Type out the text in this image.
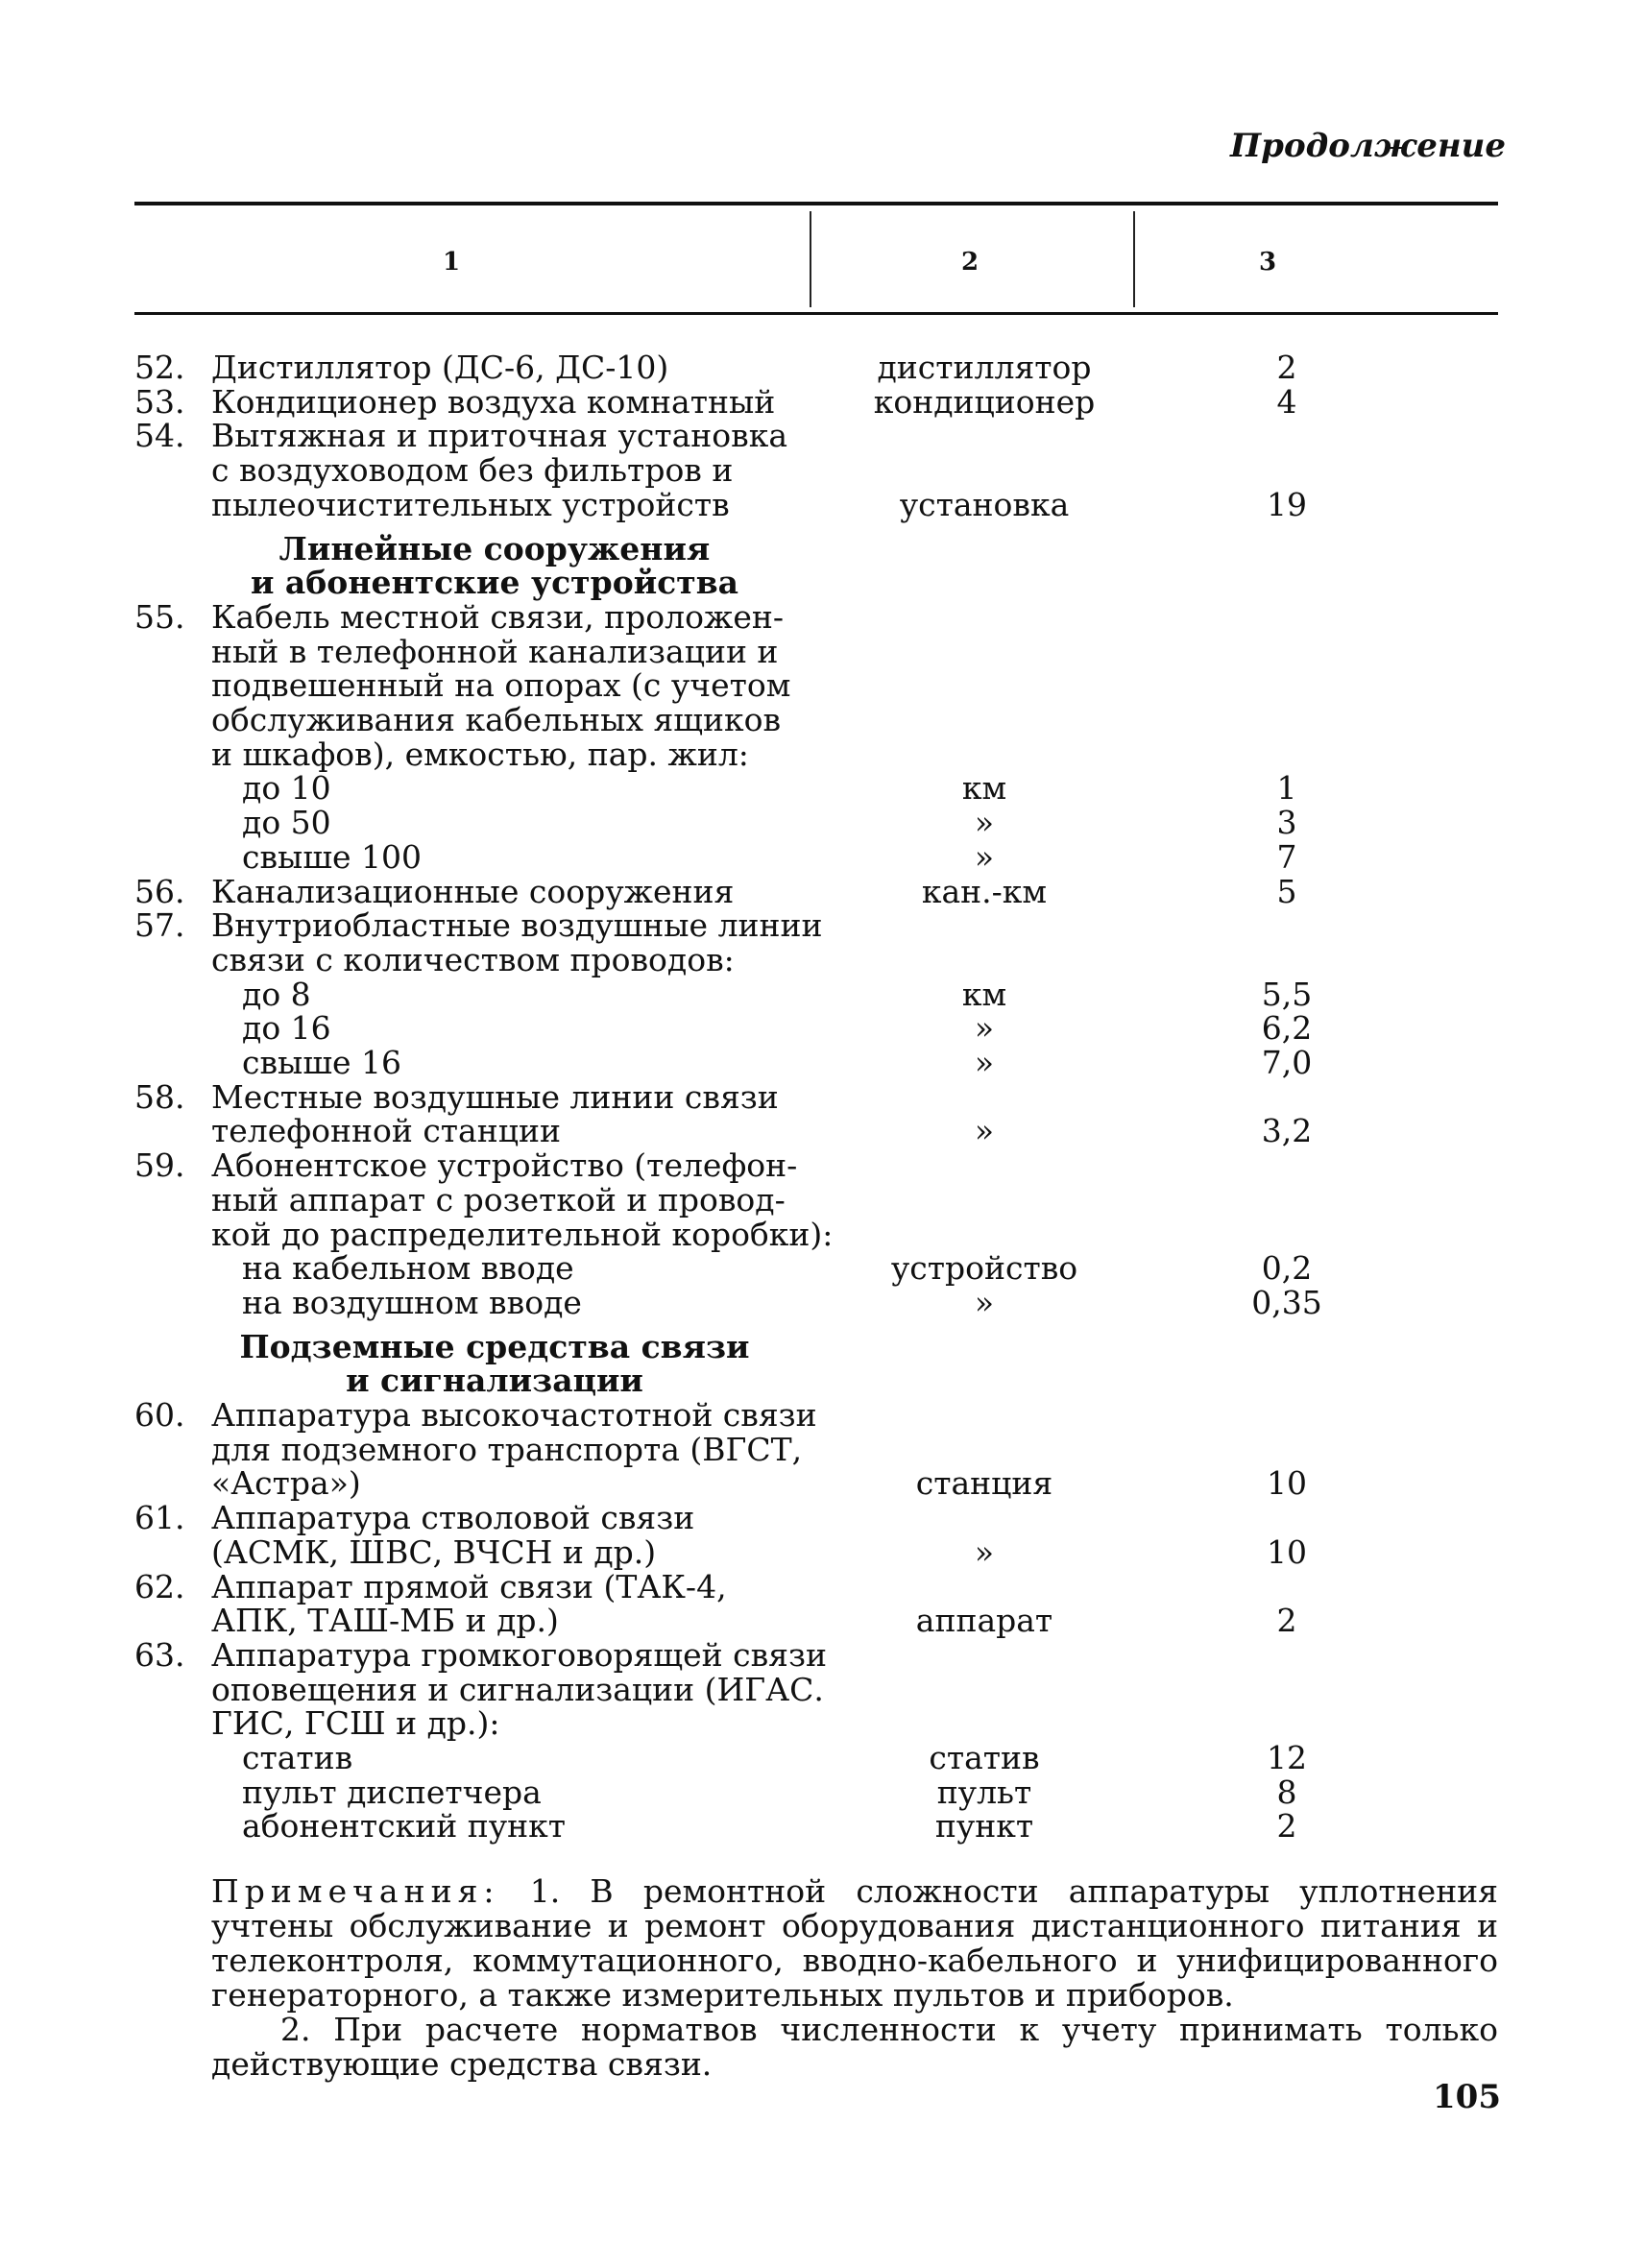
Продолжение
1	2	3
52. Дистиллятор (ДС-6, ДС-10)	дистиллятор	2
53. Кондиционер воздуха комнатный	кондиционер	4
54. Вытяжная и приточная установка
с воздуховодом без фильтров и
пылеочистительных устройств	установка	19
Линейные сооружения
и абонентские устройства
55. Кабель местной связи, проложен-
ный в телефонной канализации и
подвешенный на опорах (с учетом
обслуживания кабельных ящиков
и шкафов), емкостью, пар. жил:
до 10	км	1
до 50	»	3
свыше 100	»	7
56. Канализационные сооружения	кан.-км	5
57. Внутриобластные воздушные линии
связи с количеством проводов:
до 8	км	5,5
до 16	»	6,2
свыше 16	»	7,0
58. Местные воздушные линии связи
телефонной станции	»	3,2
59. Абонентское устройство (телефон-
ный аппарат с розеткой и провод-
кой до распределительной коробки):
на кабельном вводе	устройство	0,2
на воздушном вводе	»	0,35
Подземные средства связи
и сигнализации
60. Аппаратура высокочастотной связи
для подземного транспорта (ВГСТ,
«Астра»)	станция	10
61. Аппаратура стволовой связи
(АСМК, ШВС, ВЧСН и др.)	»	10
62. Аппарат прямой связи (ТАК-4,
АПК, ТАШ-МБ и др.)	аппарат	2
63. Аппаратура громкоговорящей связи
оповещения и сигнализации (ИГАС.
ГИС, ГСШ и др.):
статив	статив	12
пульт диспетчера	пульт	8
абонентский пункт	пункт	2
Примечания: 1. В ремонтной сложности аппаратуры уплотнения учтены обслуживание и ремонт оборудования дистанционного питания и телеконтроля, коммутационного, вводно-кабельного и унифицированного генераторного, а также измерительных пультов и приборов.
2. При расчете норматвов численности к учету принимать только действующие средства связи.
105
